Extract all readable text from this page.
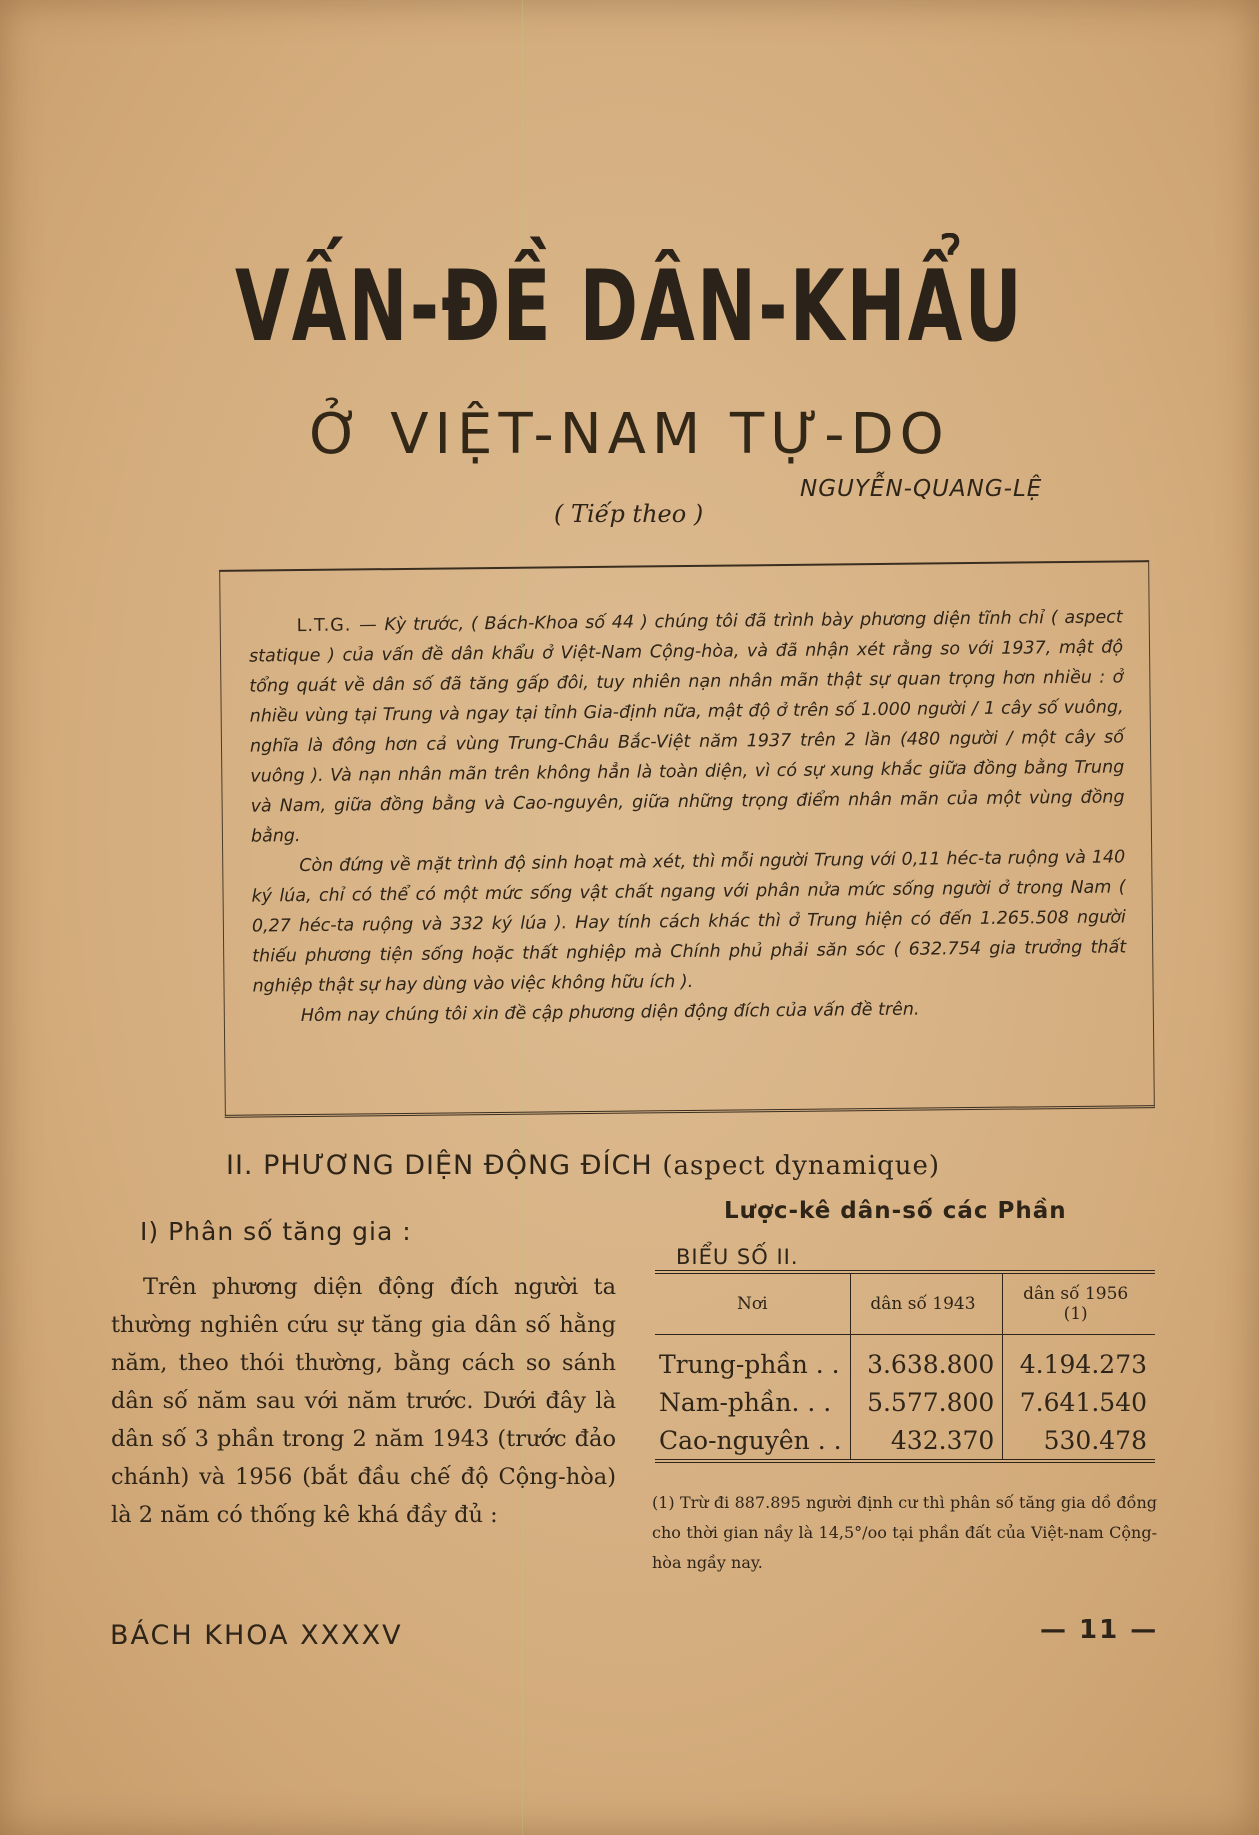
VẤN-ĐỀ DÂN-KHẨU
Ở VIỆT-NAM TỰ-DO
NGUYỄN-QUANG-LỆ
( Tiếp theo )

L.T.G. — Kỳ trước, ( Bách-Khoa số 44 ) chúng tôi đã trình bày phương diện tĩnh chỉ ( aspect statique ) của vấn đề dân khẩu ở Việt-Nam Cộng-hòa, và đã nhận xét rằng so với 1937, mật độ tổng quát về dân số đã tăng gấp đôi, tuy nhiên nạn nhân mãn thật sự quan trọng hơn nhiều : ở nhiều vùng tại Trung và ngay tại tỉnh Gia-định nữa, mật độ ở trên số 1.000 người / 1 cây số vuông, nghĩa là đông hơn cả vùng Trung-Châu Bắc-Việt năm 1937 trên 2 lần (480 người / một cây số vuông ). Và nạn nhân mãn trên không hẳn là toàn diện, vì có sự xung khắc giữa đồng bằng Trung và Nam, giữa đồng bằng và Cao-nguyên, giữa những trọng điểm nhân mãn của một vùng đồng bằng.

Còn đứng về mặt trình độ sinh hoạt mà xét, thì mỗi người Trung với 0,11 héc-ta ruộng và 140 ký lúa, chỉ có thể có một mức sống vật chất ngang với phân nửa mức sống người ở trong Nam ( 0,27 héc-ta ruộng và 332 ký lúa ). Hay tính cách khác thì ở Trung hiện có đến 1.265.508 người thiếu phương tiện sống hoặc thất nghiệp mà Chính phủ phải săn sóc ( 632.754 gia trưởng thất nghiệp thật sự hay dùng vào việc không hữu ích ).

Hôm nay chúng tôi xin đề cập phương diện động đích của vấn đề trên.

II. PHƯƠNG DIỆN ĐỘNG ĐÍCH (aspect dynamique)
I) Phân số tăng gia :

Trên phương diện động đích người ta thường nghiên cứu sự tăng gia dân số hằng năm, theo thói thường, bằng cách so sánh dân số năm sau với năm trước. Dưới đây là dân số 3 phần trong 2 năm 1943 (trước đảo chánh) và 1956 (bắt đầu chế độ Cộng-hòa) là 2 năm có thống kê khá đầy đủ :

Lược-kê dân-số các Phần
BIỂU SỐ II.
Nơi	dân số 1943	dân số 1956
(1)

Trung-phần . .	3.638.800	4.194.273
Nam-phần. . .	5.577.800	7.641.540
Cao-nguyên . .	432.370	530.478
(1) Trừ đi 887.895 người định cư thì phân số tăng gia dồ đồng cho thời gian nầy là 14,5°/oo tại phần đất của Việt-nam Cộng-hòa ngầy nay.
BÁCH KHOA XXXXV	— 11 —
